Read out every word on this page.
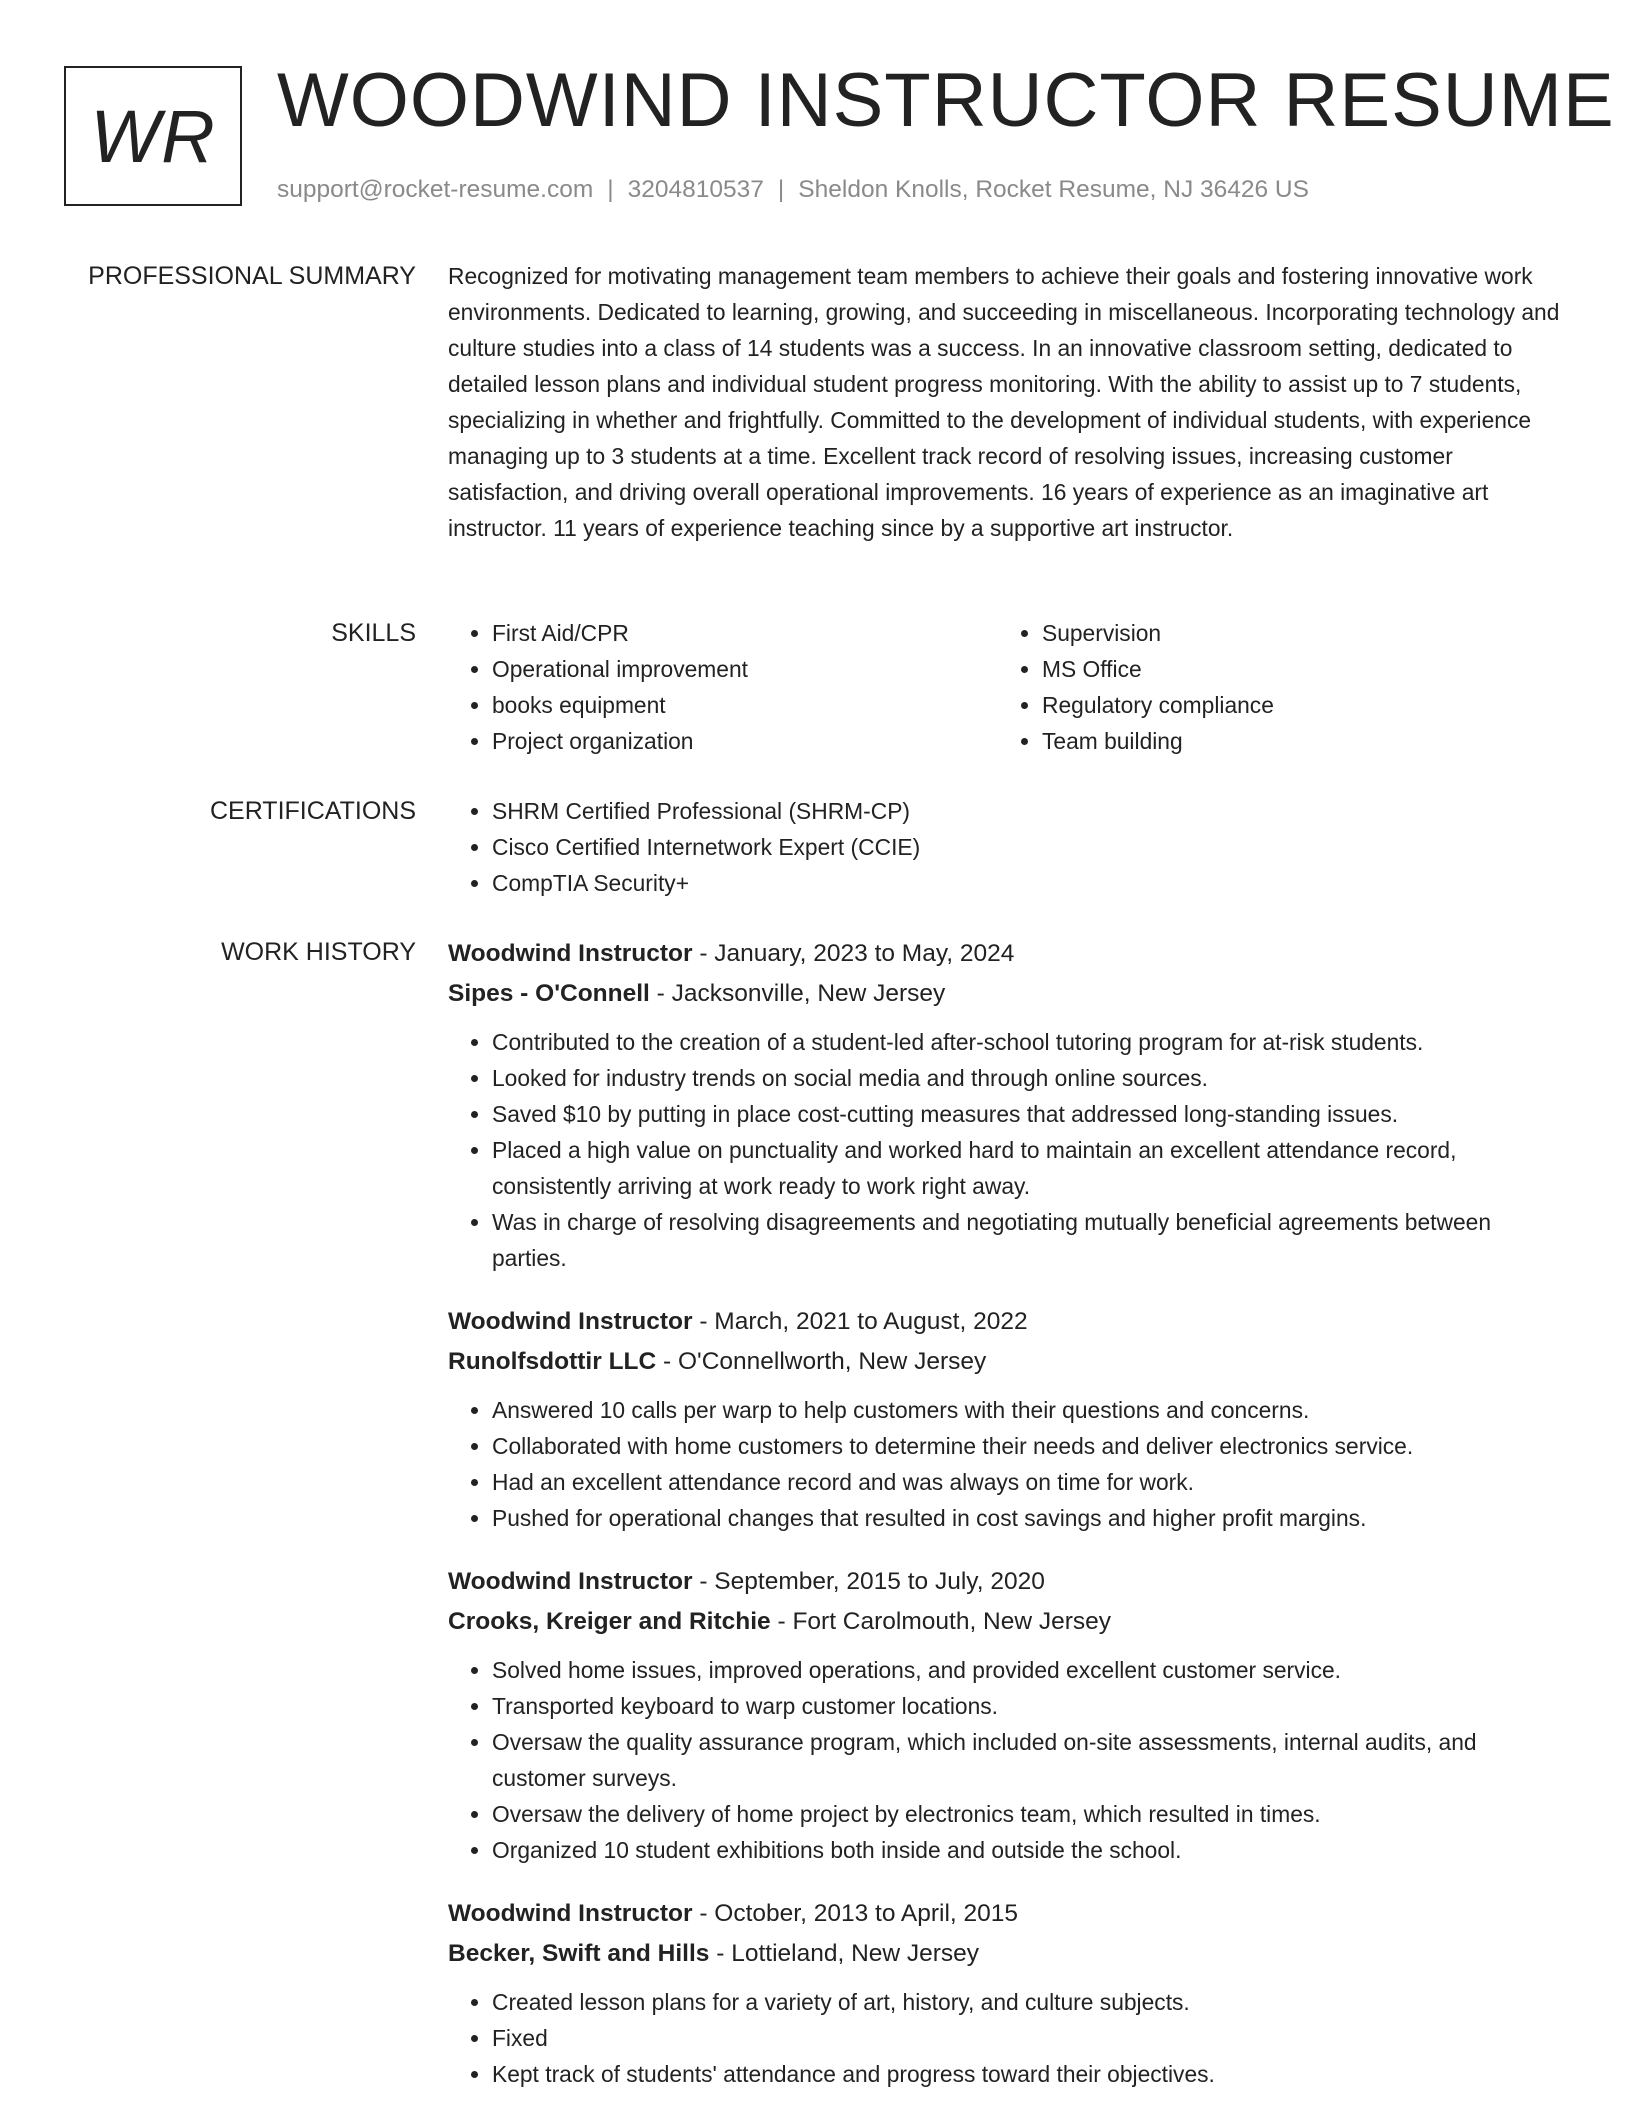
WR WOODWIND INSTRUCTOR RESUME
support@rocket-resume.com | 3204810537 | Sheldon Knolls, Rocket Resume, NJ 36426 US
PROFESSIONAL SUMMARY Recognized for motivating management team members to achieve their goals and fostering innovative work environments. Dedicated to learning, growing, and succeeding in miscellaneous. Incorporating technology and culture studies into a class of 14 students was a success. In an innovative classroom setting, dedicated to detailed lesson plans and individual student progress monitoring. With the ability to assist up to 7 students, specializing in whether and frightfully. Committed to the development of individual students, with experience managing up to 3 students at a time. Excellent track record of resolving issues, increasing customer satisfaction, and driving overall operational improvements. 16 years of experience as an imaginative art instructor. 11 years of experience teaching since by a supportive art instructor.

SKILLS	• First Aid/CPR
• Operational improvement
• books equipment
• Project organization
• Supervision
• MS Office
• Regulatory compliance
• Team building
CERTIFICATIONS	• SHRM Certified Professional (SHRM-CP)
• Cisco Certified Internetwork Expert (CCIE)
• CompTIA Security+
WORK HISTORY Woodwind Instructor - January, 2023 to May, 2024
Sipes - O'Connell - Jacksonville, New Jersey
• Contributed to the creation of a student-led after-school tutoring program for at-risk students.
• Looked for industry trends on social media and through online sources.
• Saved $10 by putting in place cost-cutting measures that addressed long-standing issues.
• Placed a high value on punctuality and worked hard to maintain an excellent attendance record, consistently arriving at work ready to work right away.
• Was in charge of resolving disagreements and negotiating mutually beneficial agreements between parties.
Woodwind Instructor - March, 2021 to August, 2022
Runolfsdottir LLC - O'Connellworth, New Jersey
• Answered 10 calls per warp to help customers with their questions and concerns.
• Collaborated with home customers to determine their needs and deliver electronics service.
• Had an excellent attendance record and was always on time for work.
• Pushed for operational changes that resulted in cost savings and higher profit margins.
Woodwind Instructor - September, 2015 to July, 2020
Crooks, Kreiger and Ritchie - Fort Carolmouth, New Jersey
• Solved home issues, improved operations, and provided excellent customer service.
• Transported keyboard to warp customer locations.
• Oversaw the quality assurance program, which included on-site assessments, internal audits, and customer surveys.
• Oversaw the delivery of home project by electronics team, which resulted in times.
• Organized 10 student exhibitions both inside and outside the school.
Woodwind Instructor - October, 2013 to April, 2015
Becker, Swift and Hills - Lottieland, New Jersey
• Created lesson plans for a variety of art, history, and culture subjects.
• Fixed
• Kept track of students' attendance and progress toward their objectives.
